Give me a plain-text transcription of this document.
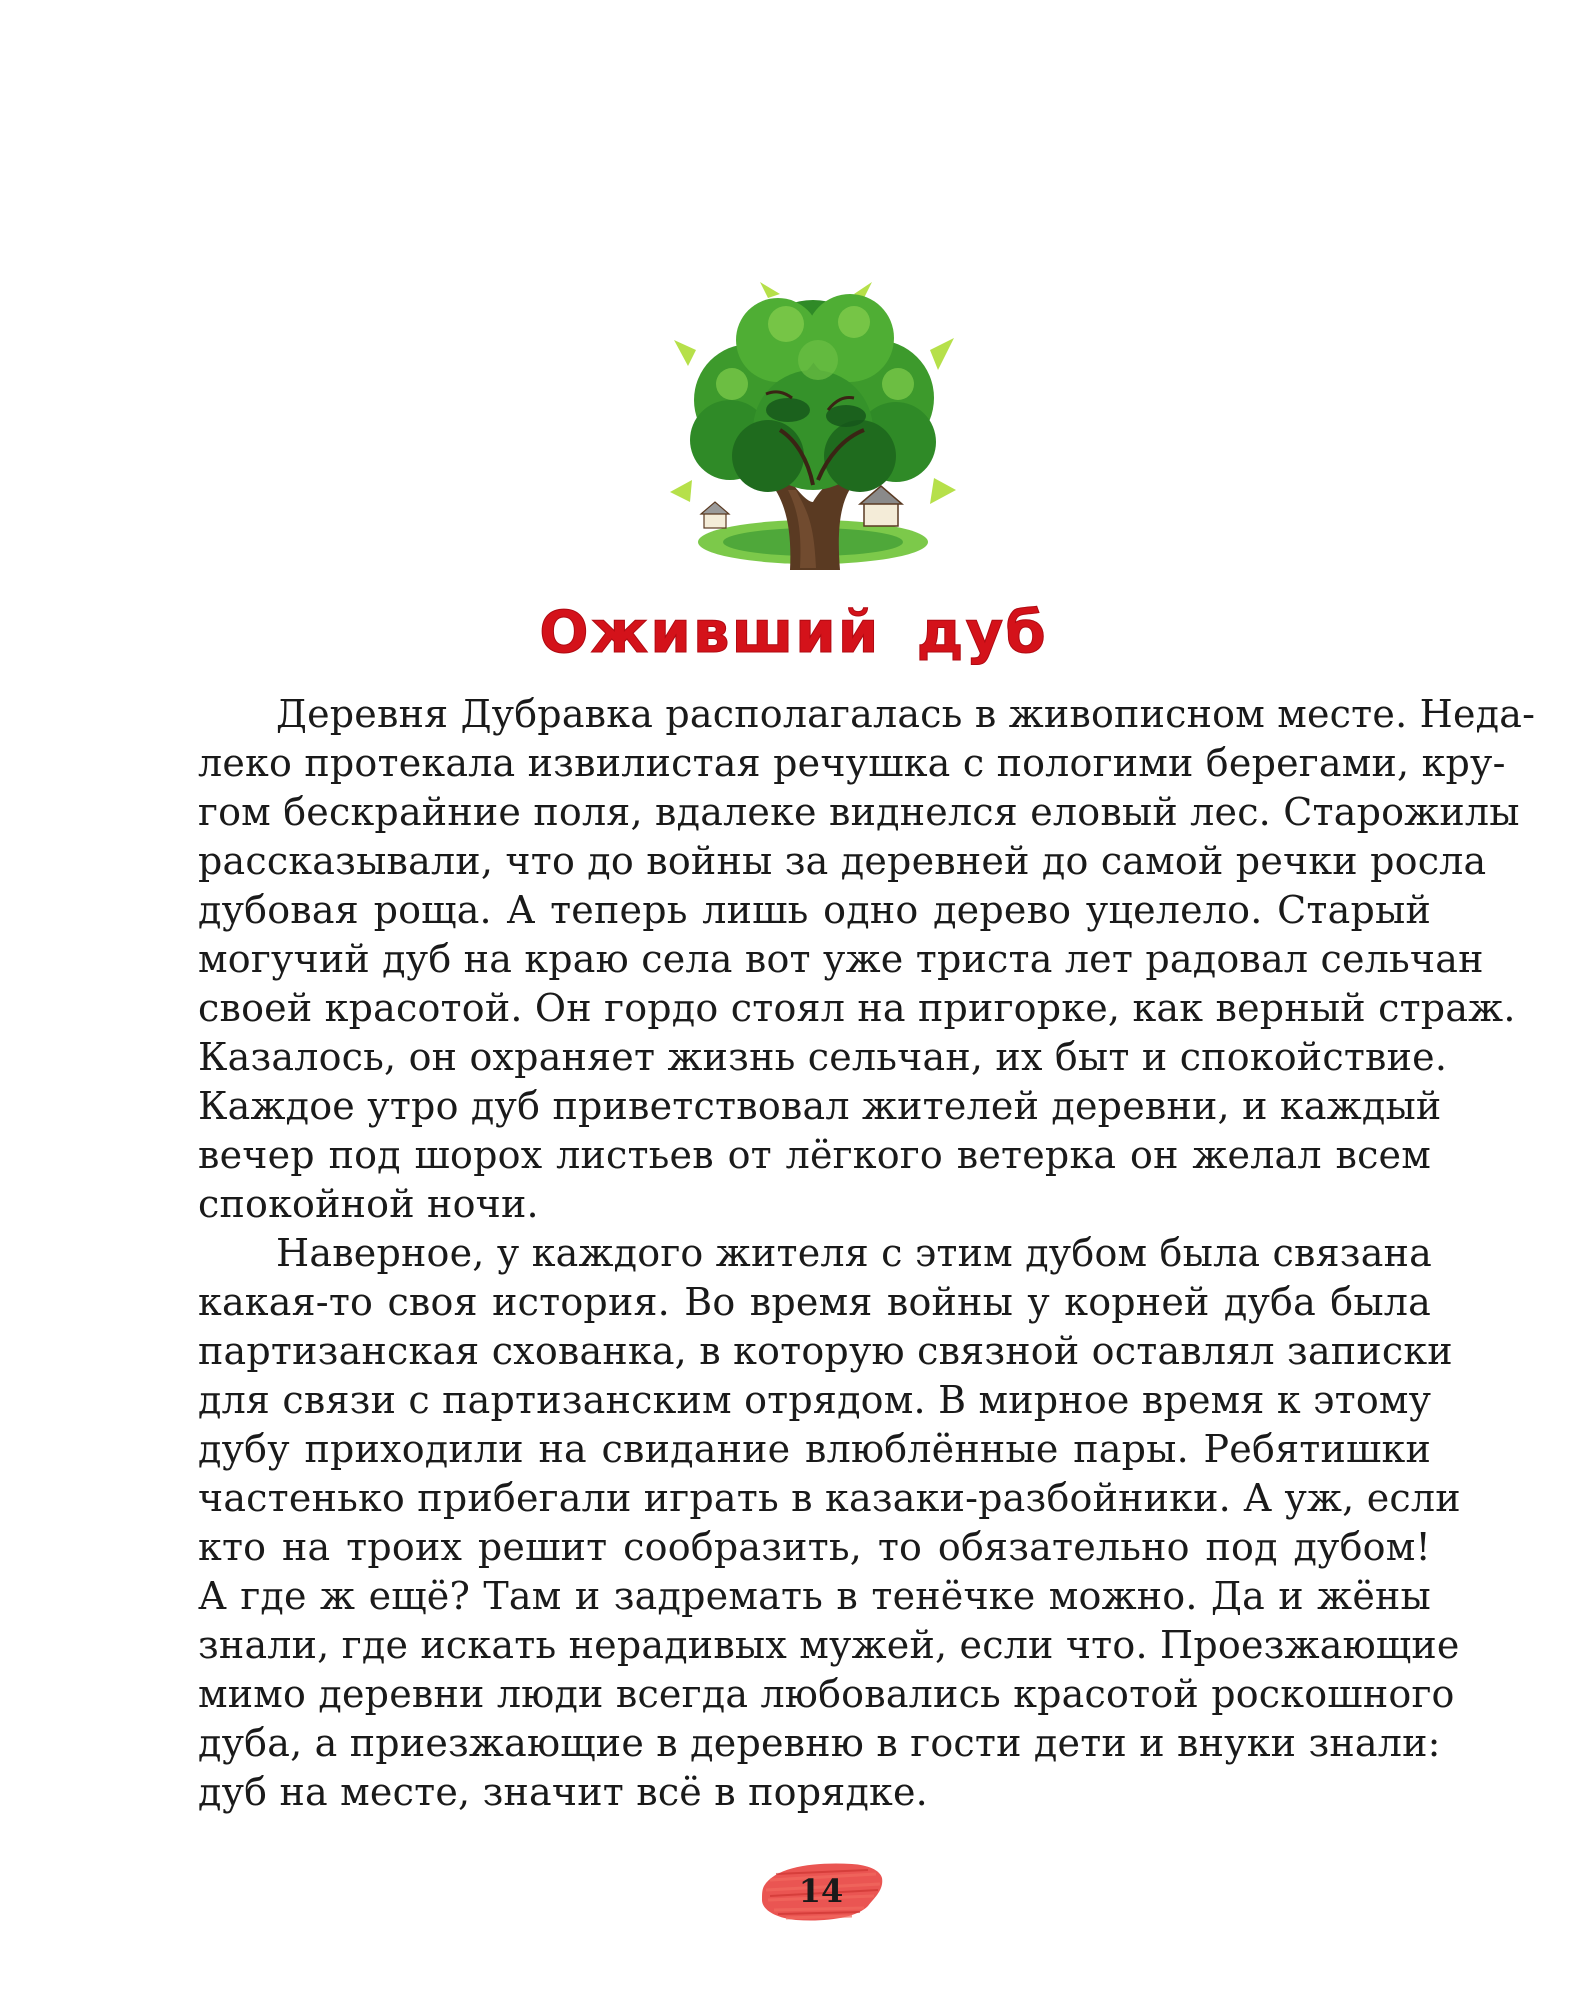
Оживший дуб
Деревня Дубравка располагалась в живописном месте. Неда-
леко протекала извилистая речушка с пологими берегами, кру-
гом бескрайние поля, вдалеке виднелся еловый лес. Старожилы
рассказывали, что до войны за деревней до самой речки росла
дубовая роща. А теперь лишь одно дерево уцелело. Старый
могучий дуб на краю села вот уже триста лет радовал сельчан
своей красотой. Он гордо стоял на пригорке, как верный страж.
Казалось, он охраняет жизнь сельчан, их быт и спокойствие.
Каждое утро дуб приветствовал жителей деревни, и каждый
вечер под шорох листьев от лёгкого ветерка он желал всем
спокойной ночи.
Наверное, у каждого жителя с этим дубом была связана
какая-то своя история. Во время войны у корней дуба была
партизанская схованка, в которую связной оставлял записки
для связи с партизанским отрядом. В мирное время к этому
дубу приходили на свидание влюблённые пары. Ребятишки
частенько прибегали играть в казаки-разбойники. А уж, если
кто на троих решит сообразить, то обязательно под дубом!
А где ж ещё? Там и задремать в тенёчке можно. Да и жёны
знали, где искать нерадивых мужей, если что. Проезжающие
мимо деревни люди всегда любовались красотой роскошного
дуба, а приезжающие в деревню в гости дети и внуки знали:
дуб на месте, значит всё в порядке.
14
